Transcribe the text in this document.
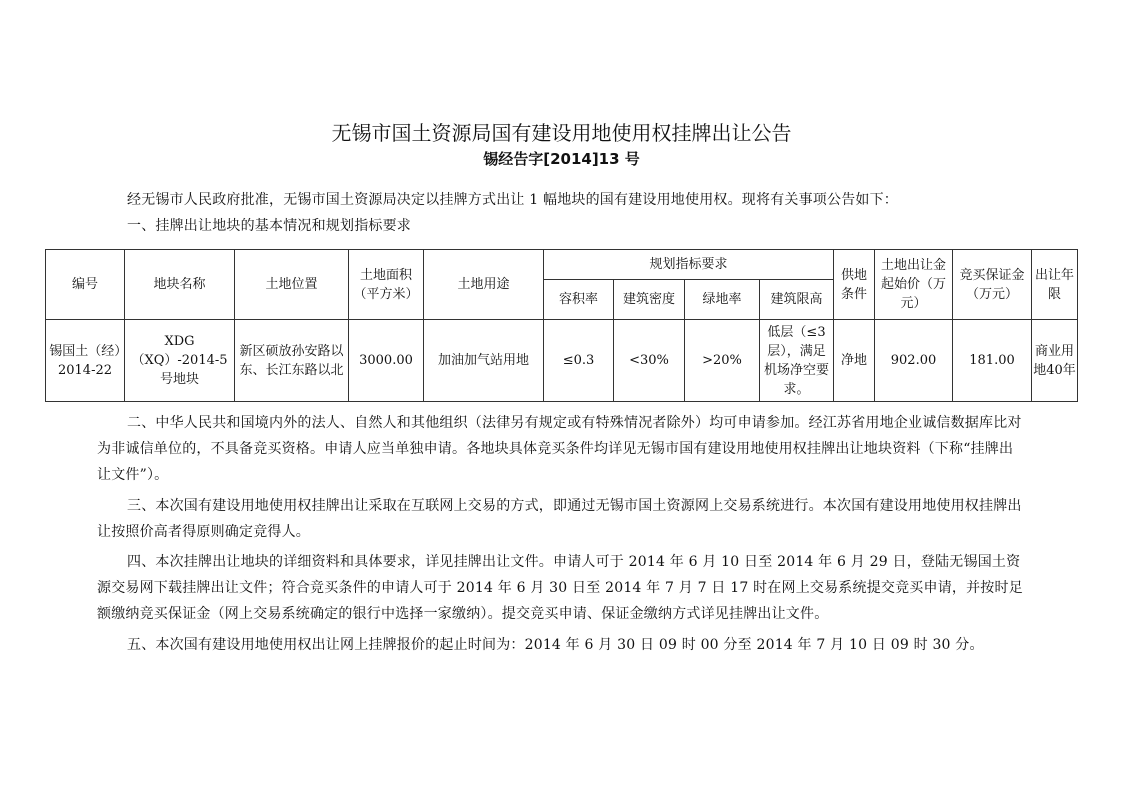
无锡市国土资源局国有建设用地使用权挂牌出让公告
锡经告字[2014]13 号

经无锡市人民政府批准，无锡市国土资源局决定以挂牌方式出让 1 幅地块的国有建设用地使用权。现将有关事项公告如下：

一、挂牌出让地块的基本情况和规划指标要求

编号	地块名称	土地位置	土地面积（平方米）	土地用途	规划指标要求				供地条件	土地出让金起始价（万元）	竞买保证金（万元）	出让年限
					容积率	建筑密度	绿地率	建筑限高				
锡国土（经）2014-22	XDG（XQ）-2014-5号地块	新区硕放孙安路以东、长江东路以北	3000.00	加油加气站用地	≤0.3	<30%	>20%	低层（≤3层），满足机场净空要求。	净地	902.00	181.00	商业用地40年

二、中华人民共和国境内外的法人、自然人和其他组织（法律另有规定或有特殊情况者除外）均可申请参加。经江苏省用地企业诚信数据库比对为非诚信单位的，不具备竞买资格。申请人应当单独申请。各地块具体竞买条件均详见无锡市国有建设用地使用权挂牌出让地块资料（下称“挂牌出让文件”）。

三、本次国有建设用地使用权挂牌出让采取在互联网上交易的方式，即通过无锡市国土资源网上交易系统进行。本次国有建设用地使用权挂牌出让按照价高者得原则确定竞得人。

四、本次挂牌出让地块的详细资料和具体要求，详见挂牌出让文件。申请人可于 2014 年 6 月 10 日至 2014 年 6 月 29 日，登陆无锡国土资源交易网下载挂牌出让文件；符合竞买条件的申请人可于 2014 年 6 月 30 日至 2014 年 7 月 7 日 17 时在网上交易系统提交竞买申请，并按时足额缴纳竞买保证金（网上交易系统确定的银行中选择一家缴纳）。提交竞买申请、保证金缴纳方式详见挂牌出让文件。

五、本次国有建设用地使用权出让网上挂牌报价的起止时间为：2014 年 6 月 30 日 09 时 00 分至 2014 年 7 月 10 日 09 时 30 分。
